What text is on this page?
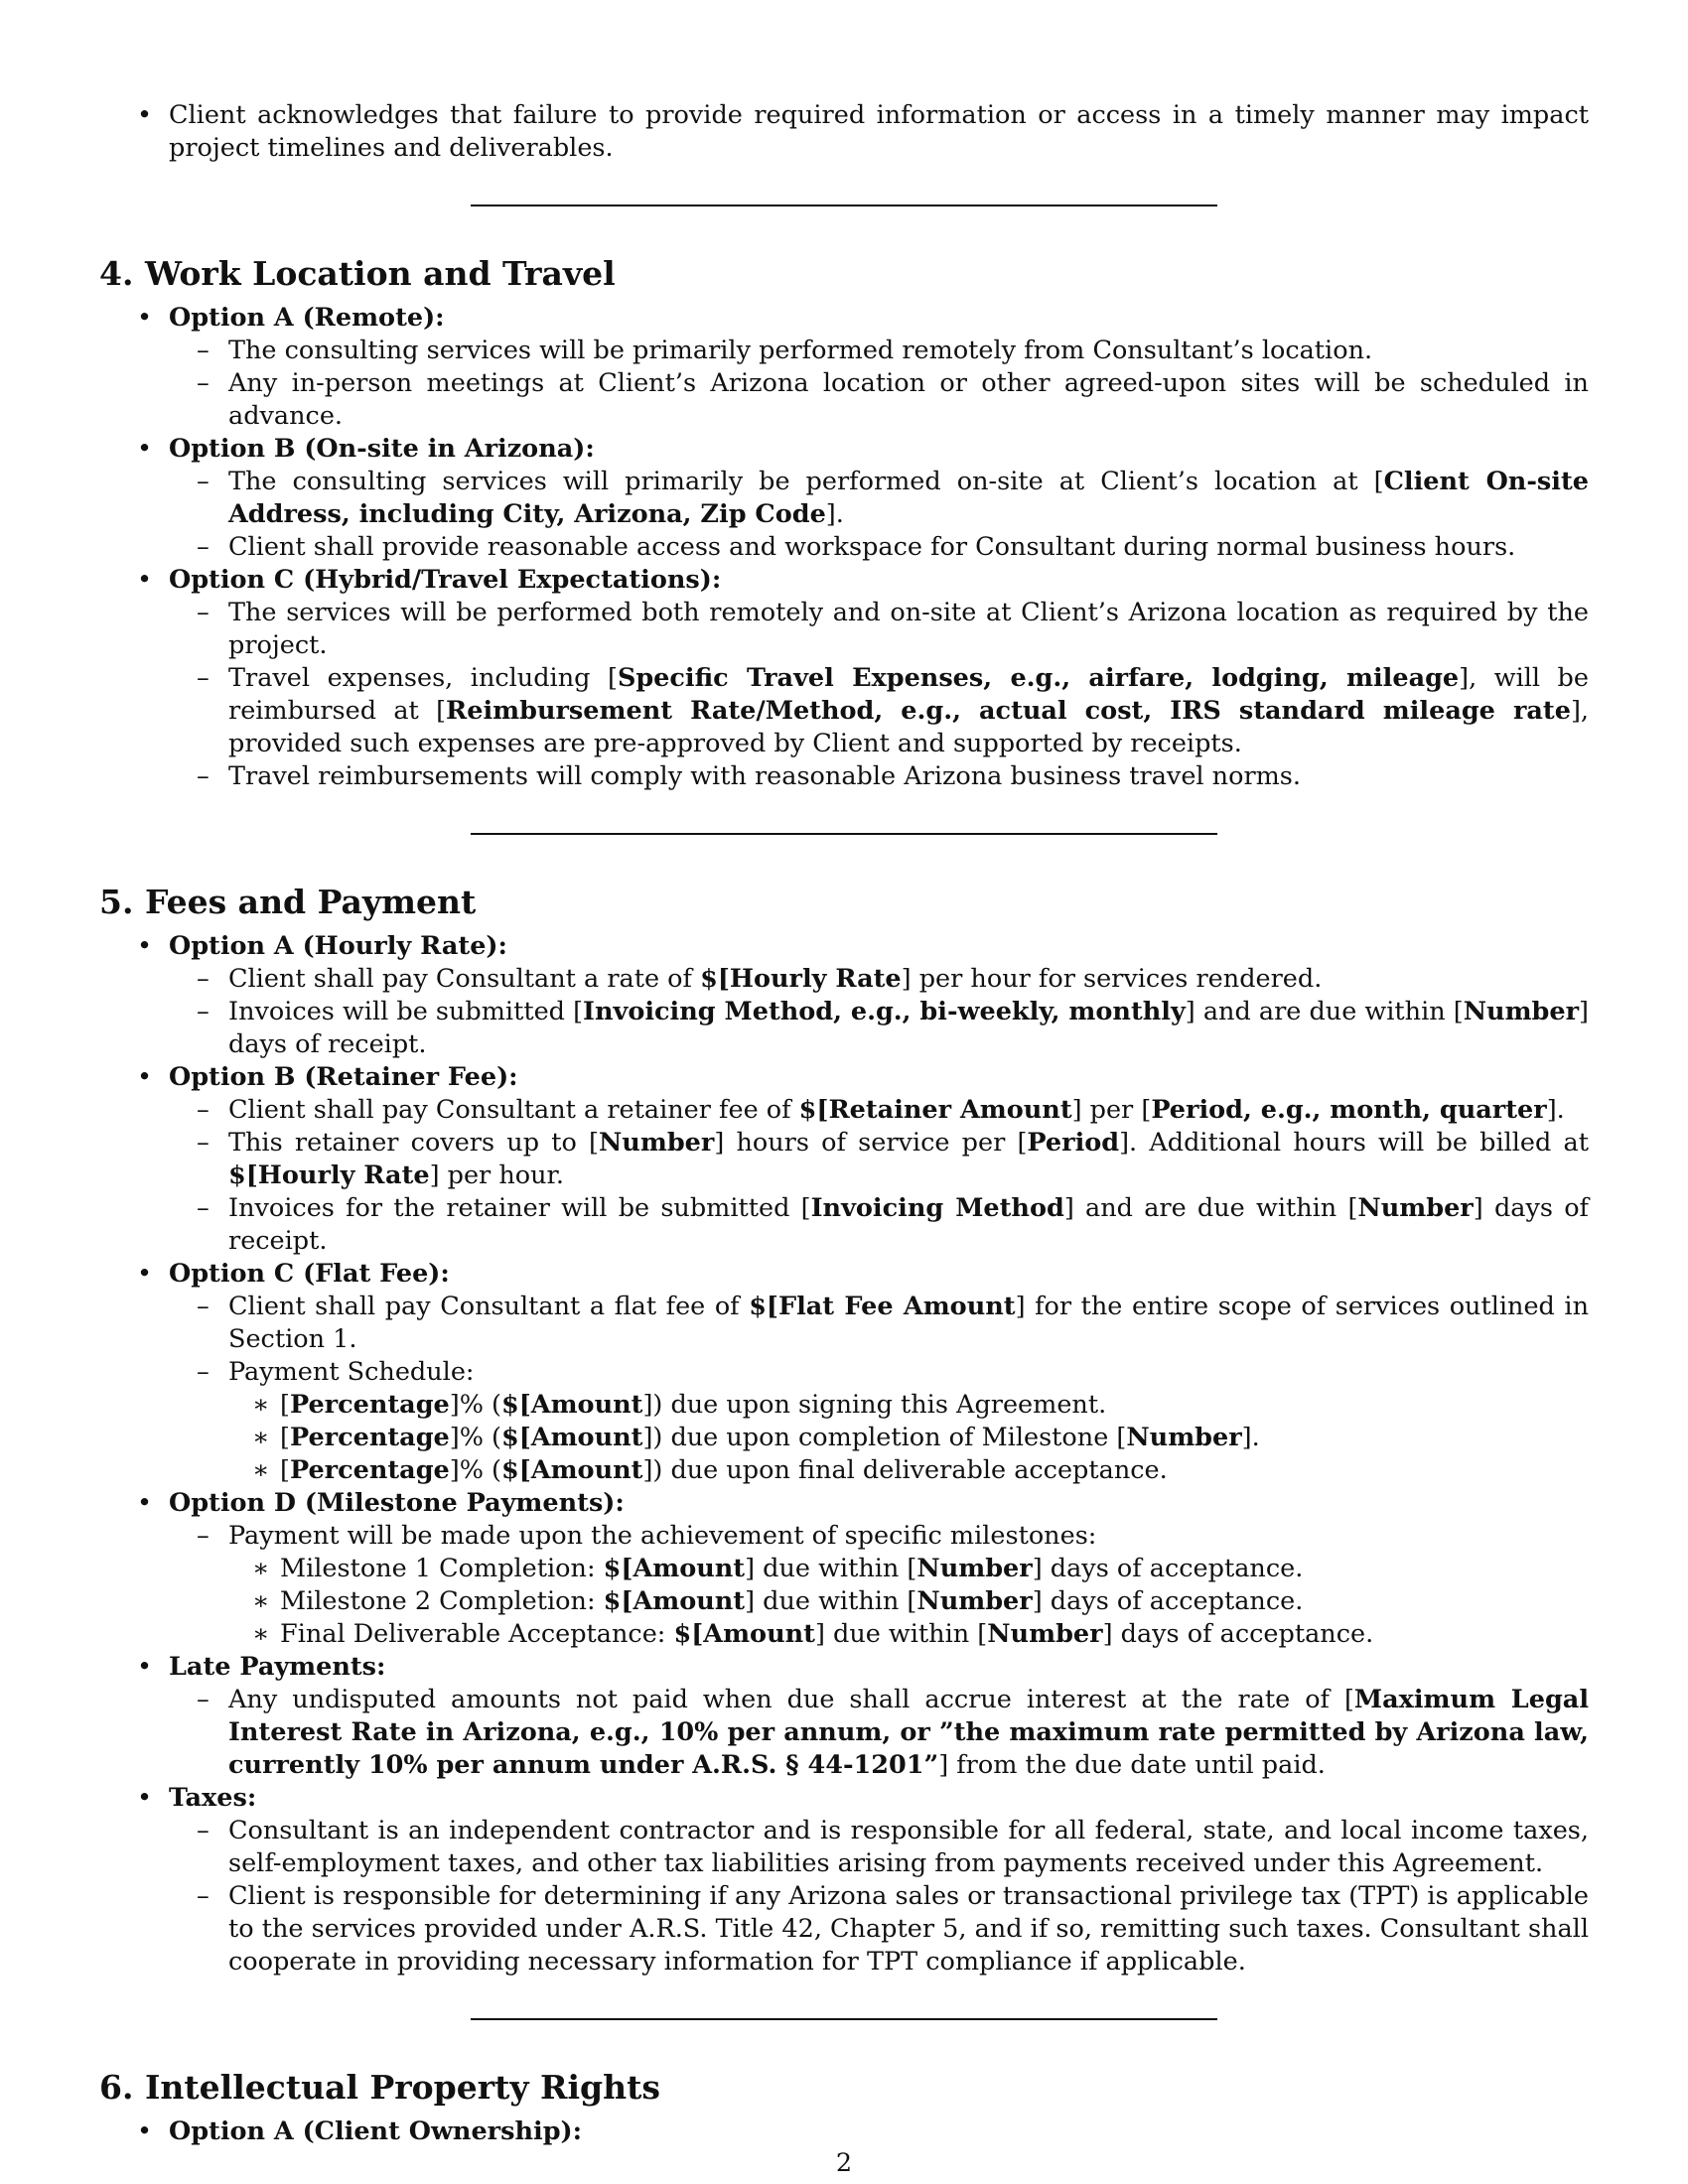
• Client acknowledges that failure to provide required information or access in a timely manner may impact project timelines and deliverables.
4. Work Location and Travel
• Option A (Remote):
– The consulting services will be primarily performed remotely from Consultant’s location.
– Any in-person meetings at Client’s Arizona location or other agreed-upon sites will be scheduled in advance.
• Option B (On-site in Arizona):
– The consulting services will primarily be performed on-site at Client’s location at [Client On-site Address, including City, Arizona, Zip Code].
– Client shall provide reasonable access and workspace for Consultant during normal business hours.
• Option C (Hybrid/Travel Expectations):
– The services will be performed both remotely and on-site at Client’s Arizona location as required by the project.
– Travel expenses, including [Specific Travel Expenses, e.g., airfare, lodging, mileage], will be reimbursed at [Reimbursement Rate/Method, e.g., actual cost, IRS standard mileage rate], provided such expenses are pre-approved by Client and supported by receipts.
– Travel reimbursements will comply with reasonable Arizona business travel norms.
5. Fees and Payment
• Option A (Hourly Rate):
– Client shall pay Consultant a rate of $[Hourly Rate] per hour for services rendered.
– Invoices will be submitted [Invoicing Method, e.g., bi-weekly, monthly] and are due within [Number] days of receipt.
• Option B (Retainer Fee):
– Client shall pay Consultant a retainer fee of $[Retainer Amount] per [Period, e.g., month, quarter].
– This retainer covers up to [Number] hours of service per [Period]. Additional hours will be billed at $[Hourly Rate] per hour.
– Invoices for the retainer will be submitted [Invoicing Method] and are due within [Number] days of receipt.
• Option C (Flat Fee):
– Client shall pay Consultant a flat fee of $[Flat Fee Amount] for the entire scope of services outlined in Section 1.
– Payment Schedule:
∗ [Percentage]% ($[Amount]) due upon signing this Agreement.
∗ [Percentage]% ($[Amount]) due upon completion of Milestone [Number].
∗ [Percentage]% ($[Amount]) due upon final deliverable acceptance.
• Option D (Milestone Payments):
– Payment will be made upon the achievement of specific milestones:
∗ Milestone 1 Completion: $[Amount] due within [Number] days of acceptance.
∗ Milestone 2 Completion: $[Amount] due within [Number] days of acceptance.
∗ Final Deliverable Acceptance: $[Amount] due within [Number] days of acceptance.
• Late Payments:
– Any undisputed amounts not paid when due shall accrue interest at the rate of [Maximum Legal Interest Rate in Arizona, e.g., 10% per annum, or ”the maximum rate permitted by Arizona law, currently 10% per annum under A.R.S. § 44-1201”] from the due date until paid.
• Taxes:
– Consultant is an independent contractor and is responsible for all federal, state, and local income taxes, self-employment taxes, and other tax liabilities arising from payments received under this Agreement.
– Client is responsible for determining if any Arizona sales or transactional privilege tax (TPT) is applicable to the services provided under A.R.S. Title 42, Chapter 5, and if so, remitting such taxes. Consultant shall cooperate in providing necessary information for TPT compliance if applicable.
6. Intellectual Property Rights
• Option A (Client Ownership):
2
